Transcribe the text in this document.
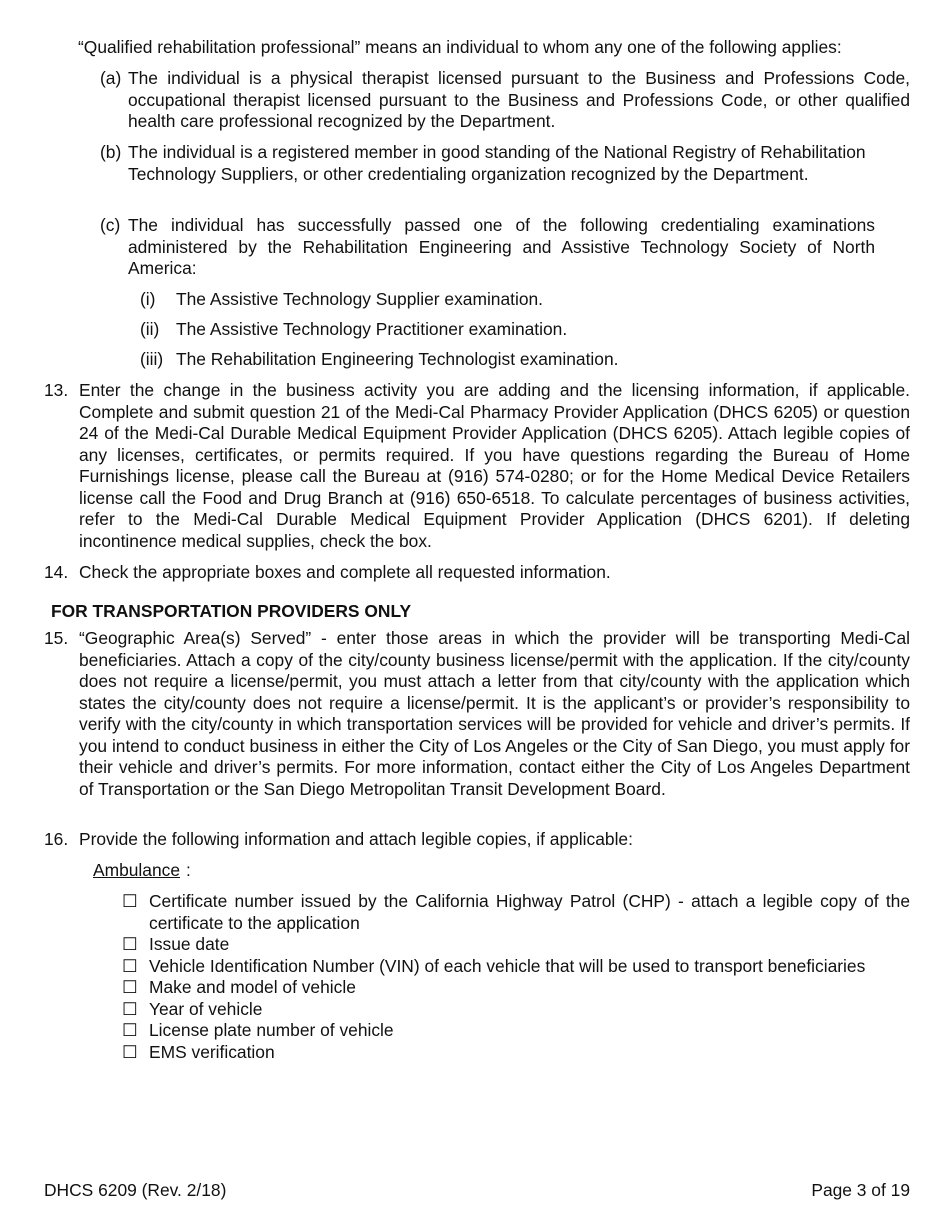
“Qualified rehabilitation professional” means an individual to whom any one of the following applies:
(a) The individual is a physical therapist licensed pursuant to the Business and Professions Code, occupational therapist licensed pursuant to the Business and Professions Code, or other qualified health care professional recognized by the Department.
(b) The individual is a registered member in good standing of the National Registry of Rehabilitation Technology Suppliers, or other credentialing organization recognized by the Department.
(c) The individual has successfully passed one of the following credentialing examinations administered by the Rehabilitation Engineering and Assistive Technology Society of North America:
(i) The Assistive Technology Supplier examination.
(ii) The Assistive Technology Practitioner examination.
(iii) The Rehabilitation Engineering Technologist examination.
13. Enter the change in the business activity you are adding and the licensing information, if applicable. Complete and submit question 21 of the Medi-Cal Pharmacy Provider Application (DHCS 6205) or question 24 of the Medi-Cal Durable Medical Equipment Provider Application (DHCS 6205). Attach legible copies of any licenses, certificates, or permits required. If you have questions regarding the Bureau of Home Furnishings license, please call the Bureau at (916) 574-0280; or for the Home Medical Device Retailers license call the Food and Drug Branch at (916) 650-6518. To calculate percentages of business activities, refer to the Medi-Cal Durable Medical Equipment Provider Application (DHCS 6201). If deleting incontinence medical supplies, check the box.
14. Check the appropriate boxes and complete all requested information.
FOR TRANSPORTATION PROVIDERS ONLY
15. “Geographic Area(s) Served” - enter those areas in which the provider will be transporting Medi-Cal beneficiaries. Attach a copy of the city/county business license/permit with the application. If the city/county does not require a license/permit, you must attach a letter from that city/county with the application which states the city/county does not require a license/permit. It is the applicant’s or provider’s responsibility to verify with the city/county in which transportation services will be provided for vehicle and driver’s permits. If you intend to conduct business in either the City of Los Angeles or the City of San Diego, you must apply for their vehicle and driver’s permits. For more information, contact either the City of Los Angeles Department of Transportation or the San Diego Metropolitan Transit Development Board.
16. Provide the following information and attach legible copies, if applicable:
Ambulance :
☐ Certificate number issued by the California Highway Patrol (CHP) - attach a legible copy of the certificate to the application
☐ Issue date
☐ Vehicle Identification Number (VIN) of each vehicle that will be used to transport beneficiaries
☐ Make and model of vehicle
☐ Year of vehicle
☐ License plate number of vehicle
☐ EMS verification
DHCS 6209 (Rev. 2/18)	Page 3 of 19
